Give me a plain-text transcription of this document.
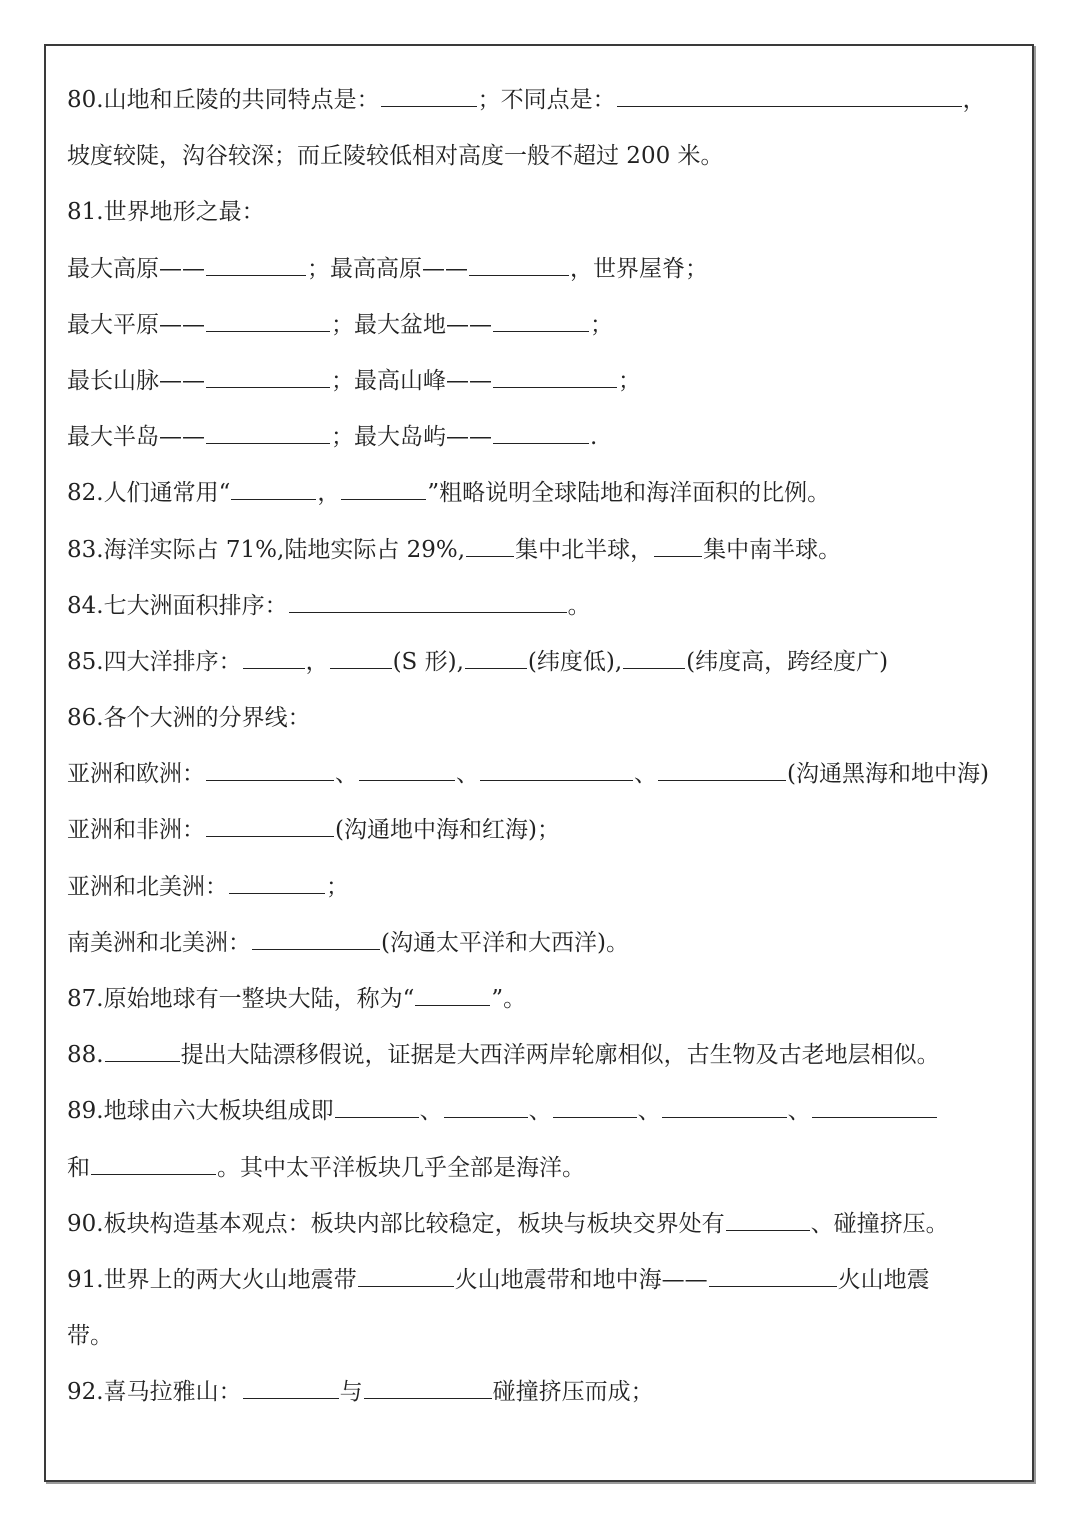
80.山地和丘陵的共同特点是：	；不同点是：	，
坡度较陡，沟谷较深；而丘陵较低相对高度一般不超过 200 米。
81.世界地形之最：
最大高原——	；最高高原——	，世界屋脊；
最大平原——	；最大盆地——	；
最长山脉——	；最高山峰——	；
最大半岛——	；最大岛屿——	.
82.人们通常用“	，	”粗略说明全球陆地和海洋面积的比例。
83.海洋实际占 71%,陆地实际占 29%, 集中北半球， 集中南半球。
84.七大洲面积排序：	。
85.四大洋排序：	，	(S 形),	(纬度低),	(纬度高，跨经度广)
86.各个大洲的分界线：
亚洲和欧洲：	、	、	、	(沟通黑海和地中海)
亚洲和非洲：	(沟通地中海和红海)；
亚洲和北美洲：	；
南美洲和北美洲：	(沟通太平洋和大西洋)。
87.原始地球有一整块大陆，称为“	”。
88.	提出大陆漂移假说，证据是大西洋两岸轮廓相似，古生物及古老地层相似。
89.地球由六大板块组成即	、	、	、	、
和	。其中太平洋板块几乎全部是海洋。
90.板块构造基本观点：板块内部比较稳定，板块与板块交界处有	、碰撞挤压。
91.世界上的两大火山地震带	火山地震带和地中海——	火山地震
带。
92.喜马拉雅山：	与	碰撞挤压而成；
